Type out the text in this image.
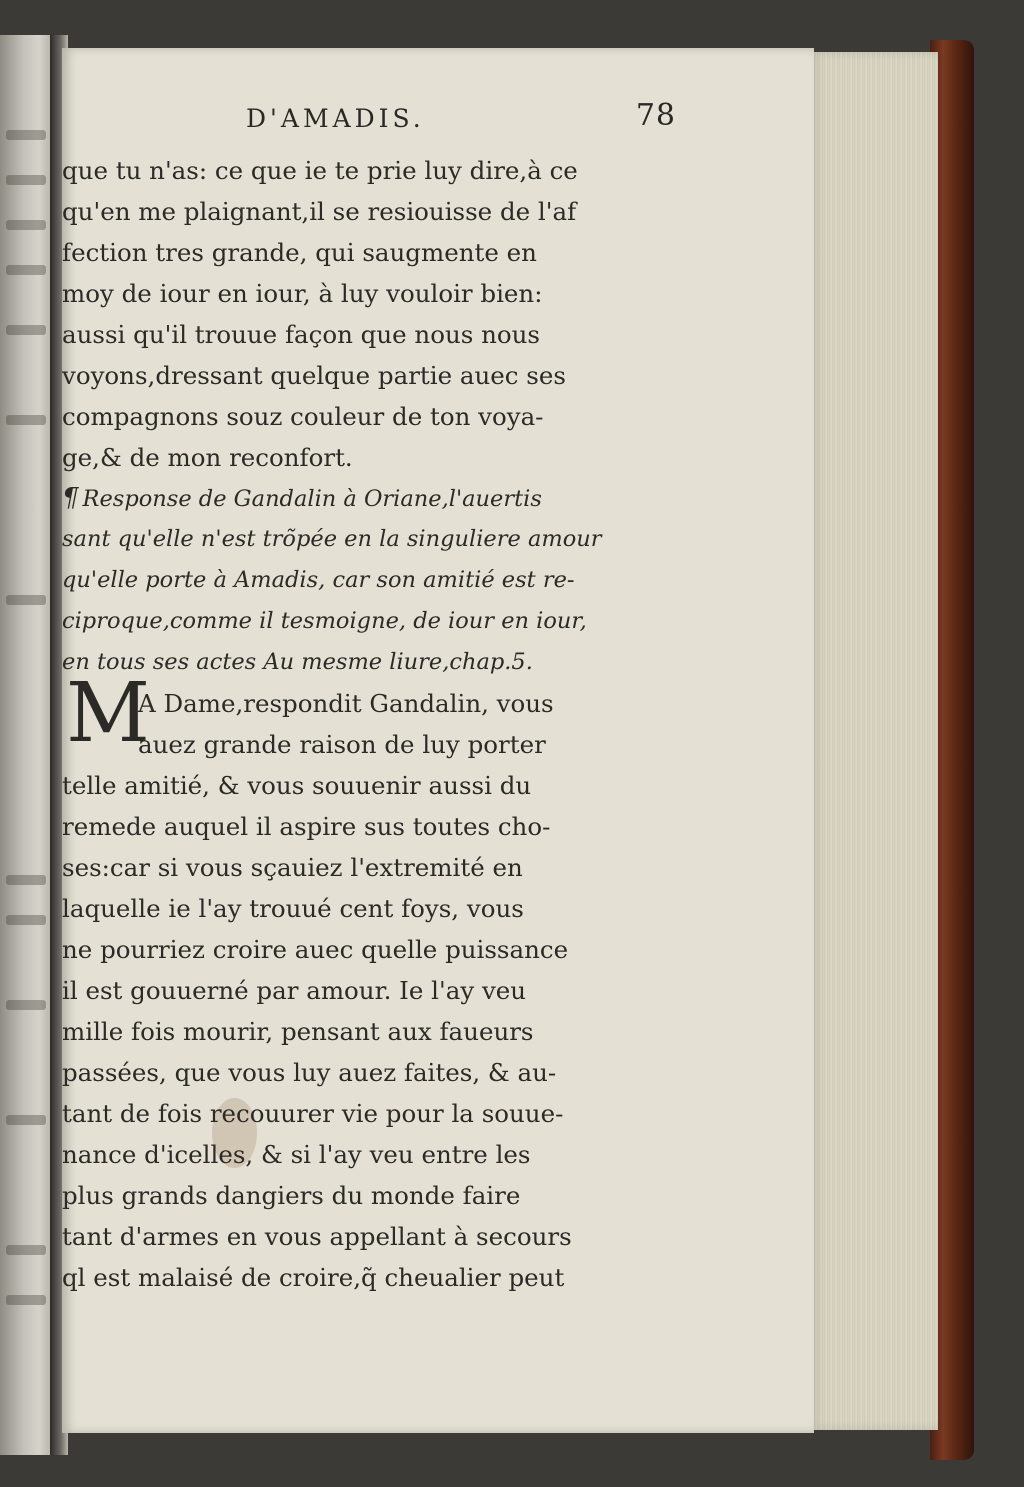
D'AMADIS.	78
que tu n'as: ce que ie te prie luy dire,à ce
qu'en me plaignant,il se resiouisse de l'af
fection tres grande, qui saugmente en
moy de iour en iour, à luy vouloir bien:
aussi qu'il trouue façon que nous nous
voyons,dressant quelque partie auec ses
compagnons souz couleur de ton voya-
ge,& de mon reconfort.
¶ Response de Gandalin à Oriane,l'auertis
sant qu'elle n'est trõpée en la singuliere amour
qu'elle porte à Amadis, car son amitié est re-
ciproque,comme il tesmoigne, de iour en iour,
en tous ses actes Au mesme liure,chap.5.
A Dame,respondit Gandalin, vous
auez grande raison de luy porter
telle amitié, & vous souuenir aussi du
remede auquel il aspire sus toutes cho-
ses:car si vous sçauiez l'extremité en
laquelle ie l'ay trouué cent foys, vous
ne pourriez croire auec quelle puissance
il est gouuerné par amour. Ie l'ay veu
mille fois mourir, pensant aux faueurs
passées, que vous luy auez faites, & au-
tant de fois recouurer vie pour la souue-
nance d'icelles, & si l'ay veu entre les
plus grands dangiers du monde faire
tant d'armes en vous appellant à secours
ql est malaisé de croire,q̃ cheualier peut
M
